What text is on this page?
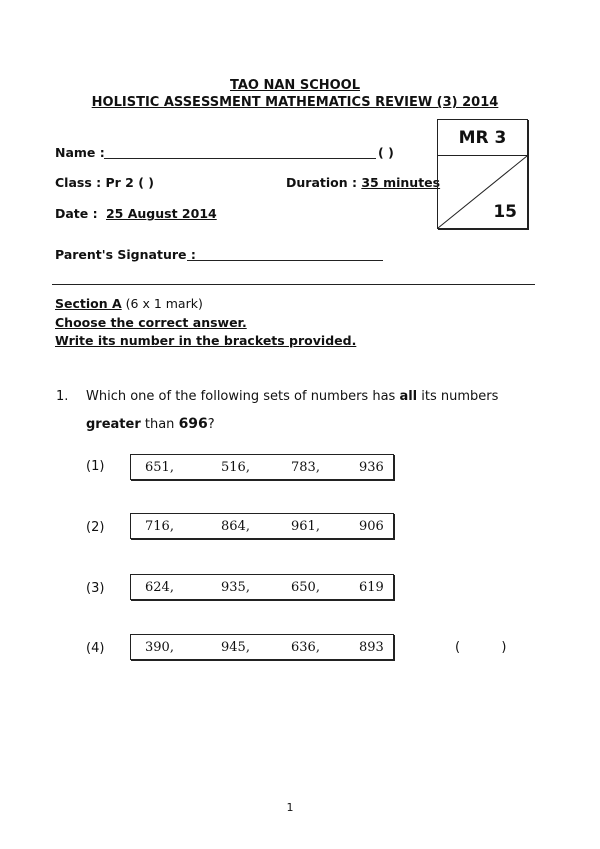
TAO NAN SCHOOL
HOLISTIC ASSESSMENT MATHEMATICS REVIEW (3) 2014
Name :	( )
Class : Pr 2 ( )	Duration : 35 minutes
Date : 25 August 2014
MR 3
15
Parent's Signature :
Section A (6 x 1 mark)
Choose the correct answer.
Write its number in the brackets provided.
1. Which one of the following sets of numbers has all its numbers
greater than 696?
(1)	651,	516,	783,	936
(2)	716,	864,	961,	906
(3)	624,	935,	650,	619
(4)	390,	945,	636,	893	(          )
1
